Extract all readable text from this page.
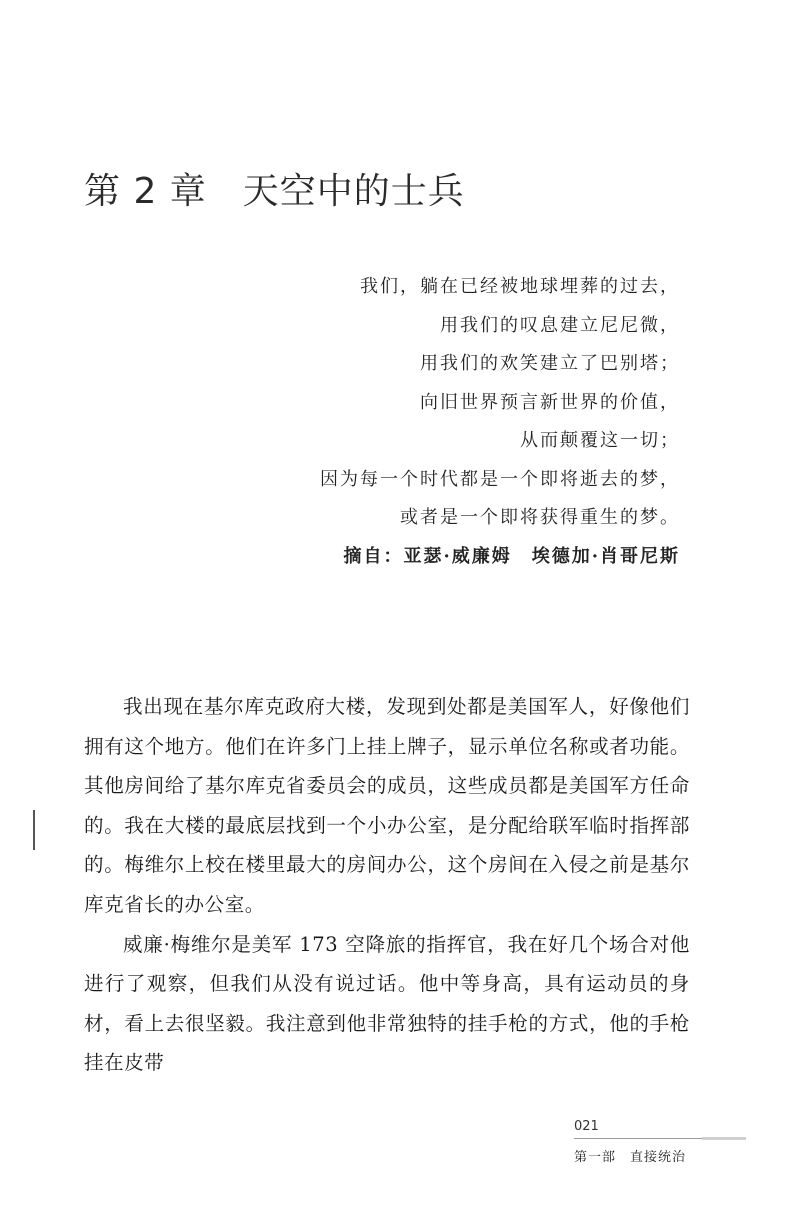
第 2 章 天空中的士兵
我们，躺在已经被地球埋葬的过去，
用我们的叹息建立尼尼微，
用我们的欢笑建立了巴别塔；
向旧世界预言新世界的价值，
从而颠覆这一切；
因为每一个时代都是一个即将逝去的梦，
或者是一个即将获得重生的梦。
摘自：亚瑟·威廉姆　埃德加·肖哥尼斯

我出现在基尔库克政府大楼，发现到处都是美国军人，好像他们拥有这个地方。他们在许多门上挂上牌子，显示单位名称或者功能。其他房间给了基尔库克省委员会的成员，这些成员都是美国军方任命的。我在大楼的最底层找到一个小办公室，是分配给联军临时指挥部的。梅维尔上校在楼里最大的房间办公，这个房间在入侵之前是基尔库克省长的办公室。

威廉·梅维尔是美军 173 空降旅的指挥官，我在好几个场合对他进行了观察，但我们从没有说过话。他中等身高，具有运动员的身材，看上去很坚毅。我注意到他非常独特的挂手枪的方式，他的手枪挂在皮带

021
第一部 直接统治
